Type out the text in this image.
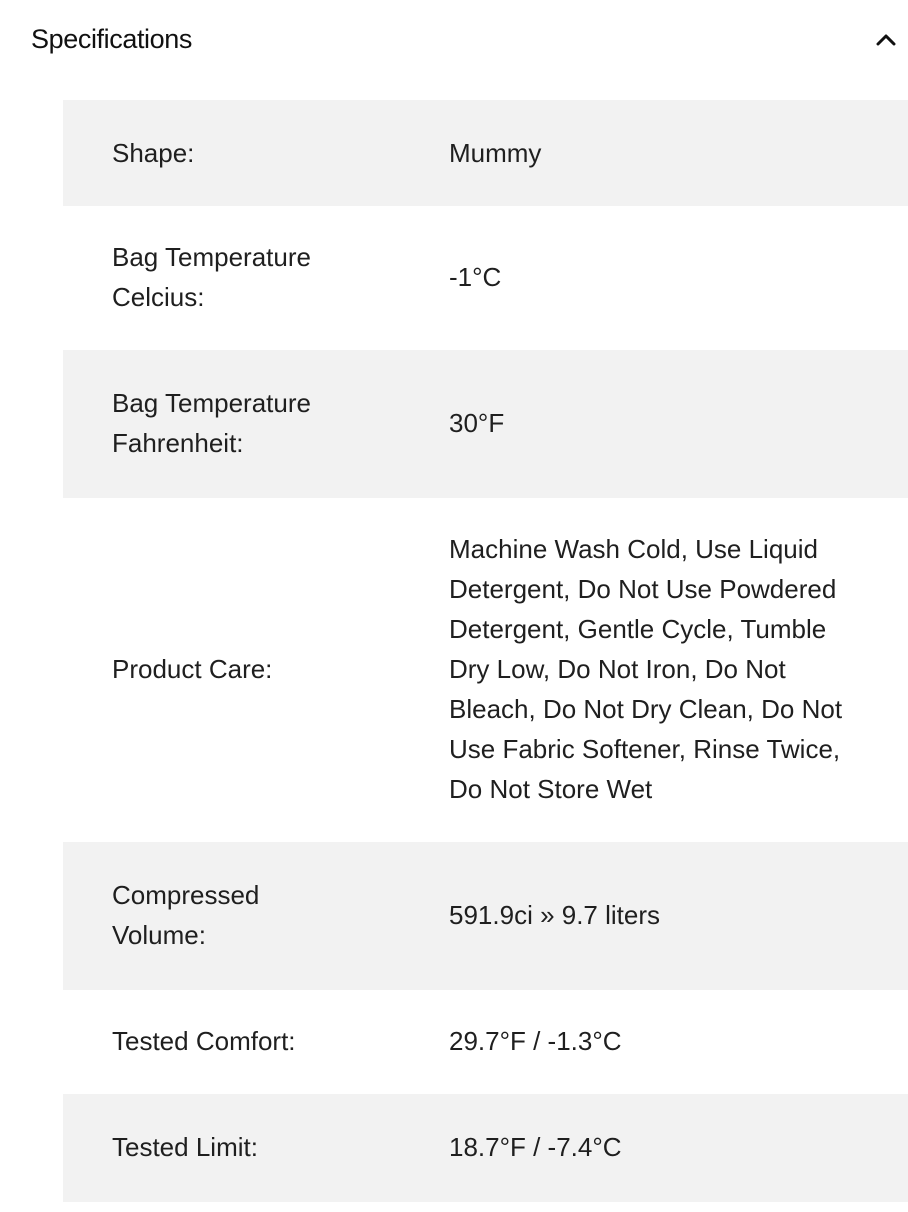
Specifications
Shape:	Mummy
Bag Temperature Celcius:
-1°C
Bag Temperature Fahrenheit:
30°F
Product Care:
Machine Wash Cold, Use Liquid Detergent, Do Not Use Powdered Detergent, Gentle Cycle, Tumble Dry Low, Do Not Iron, Do Not Bleach, Do Not Dry Clean, Do Not Use Fabric Softener, Rinse Twice, Do Not Store Wet
Compressed Volume:
591.9ci » 9.7 liters
Tested Comfort:	29.7°F / -1.3°C
Tested Limit:	18.7°F / -7.4°C
